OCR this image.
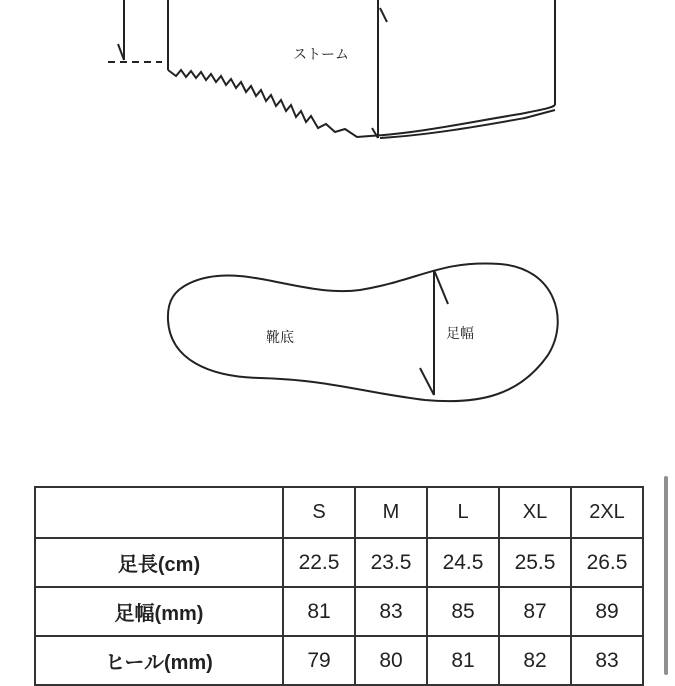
ストーム
靴底	足幅
	S	M	L	XL	2XL
足長(cm)	22.5	23.5	24.5	25.5	26.5
足幅(mm)	81	83	85	87	89
ヒール(mm)	79	80	81	82	83
